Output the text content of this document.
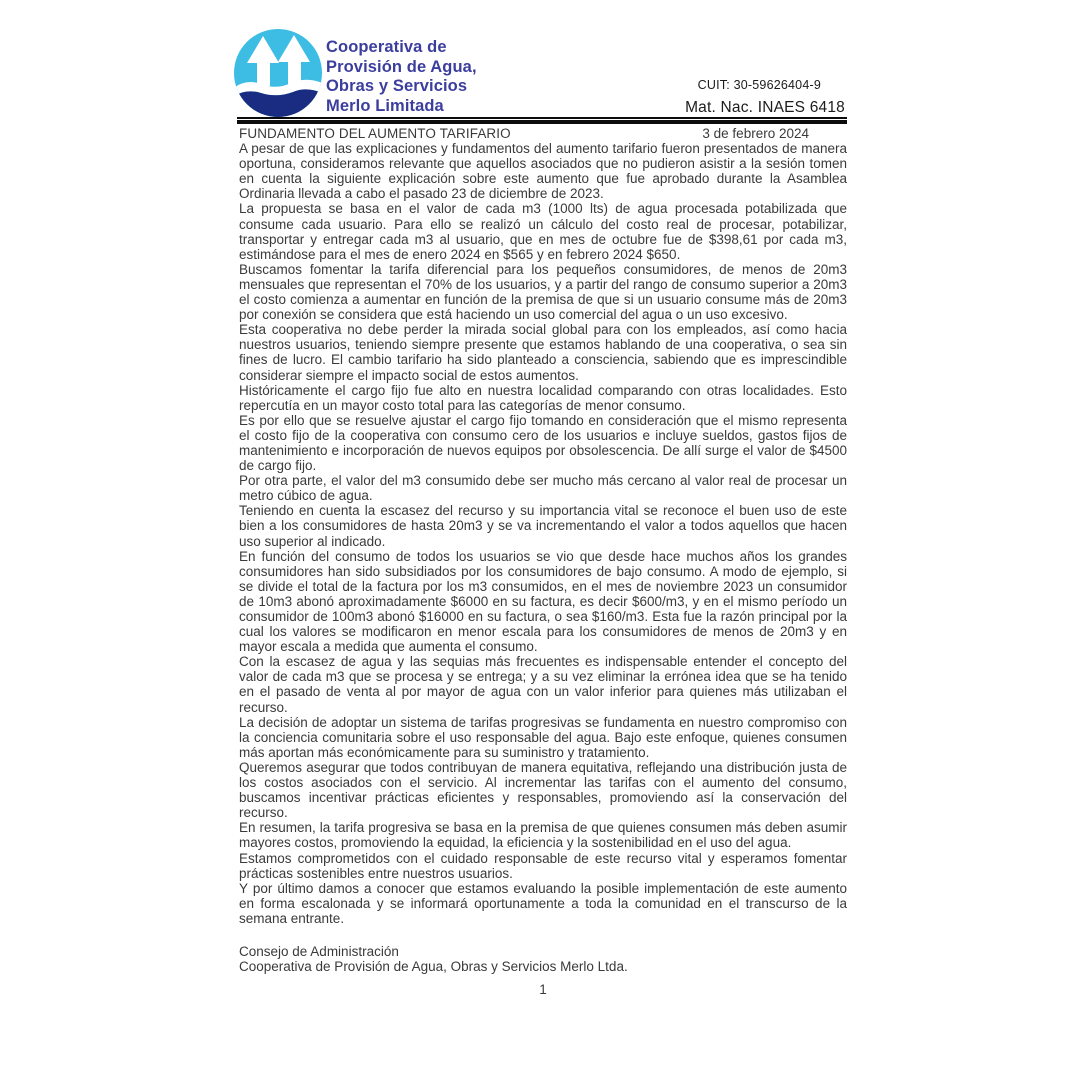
Cooperativa de
Provisión de Agua,
Obras y Servicios
Merlo Limitada
CUIT: 30-59626404-9
Mat. Nac. INAES 6418
FUNDAMENTO DEL AUMENTO TARIFARIO	3 de febrero 2024

A pesar de que las explicaciones y fundamentos del aumento tarifario fueron presentados de manera oportuna, consideramos relevante que aquellos asociados que no pudieron asistir a la sesión tomen en cuenta la siguiente explicación sobre este aumento que fue aprobado durante la Asamblea Ordinaria llevada a cabo el pasado 23 de diciembre de 2023.

La propuesta se basa en el valor de cada m3 (1000 lts) de agua procesada potabilizada que consume cada usuario. Para ello se realizó un cálculo del costo real de procesar, potabilizar, transportar y entregar cada m3 al usuario, que en mes de octubre fue de $398,61 por cada m3, estimándose para el mes de enero 2024 en $565 y en febrero 2024 $650.

Buscamos fomentar la tarifa diferencial para los pequeños consumidores, de menos de 20m3 mensuales que representan el 70% de los usuarios, y a partir del rango de consumo superior a 20m3 el costo comienza a aumentar en función de la premisa de que si un usuario consume más de 20m3 por conexión se considera que está haciendo un uso comercial del agua o un uso excesivo.

Esta cooperativa no debe perder la mirada social global para con los empleados, así como hacia nuestros usuarios, teniendo siempre presente que estamos hablando de una cooperativa, o sea sin fines de lucro. El cambio tarifario ha sido planteado a consciencia, sabiendo que es imprescindible considerar siempre el impacto social de estos aumentos.

Históricamente el cargo fijo fue alto en nuestra localidad comparando con otras localidades. Esto repercutía en un mayor costo total para las categorías de menor consumo.

Es por ello que se resuelve ajustar el cargo fijo tomando en consideración que el mismo representa el costo fijo de la cooperativa con consumo cero de los usuarios e incluye sueldos, gastos fijos de mantenimiento e incorporación de nuevos equipos por obsolescencia. De allí surge el valor de $4500 de cargo fijo.

Por otra parte, el valor del m3 consumido debe ser mucho más cercano al valor real de procesar un metro cúbico de agua.

Teniendo en cuenta la escasez del recurso y su importancia vital se reconoce el buen uso de este bien a los consumidores de hasta 20m3 y se va incrementando el valor a todos aquellos que hacen uso superior al indicado.

En función del consumo de todos los usuarios se vio que desde hace muchos años los grandes consumidores han sido subsidiados por los consumidores de bajo consumo. A modo de ejemplo, si se divide el total de la factura por los m3 consumidos, en el mes de noviembre 2023 un consumidor de 10m3 abonó aproximadamente $6000 en su factura, es decir $600/m3, y en el mismo período un consumidor de 100m3 abonó $16000 en su factura, o sea $160/m3. Esta fue la razón principal por la cual los valores se modificaron en menor escala para los consumidores de menos de 20m3 y en mayor escala a medida que aumenta el consumo.

Con la escasez de agua y las sequias más frecuentes es indispensable entender el concepto del valor de cada m3 que se procesa y se entrega; y a su vez eliminar la errónea idea que se ha tenido en el pasado de venta al por mayor de agua con un valor inferior para quienes más utilizaban el recurso.

La decisión de adoptar un sistema de tarifas progresivas se fundamenta en nuestro compromiso con la conciencia comunitaria sobre el uso responsable del agua. Bajo este enfoque, quienes consumen más aportan más económicamente para su suministro y tratamiento.

Queremos asegurar que todos contribuyan de manera equitativa, reflejando una distribución justa de los costos asociados con el servicio. Al incrementar las tarifas con el aumento del consumo, buscamos incentivar prácticas eficientes y responsables, promoviendo así la conservación del recurso.

En resumen, la tarifa progresiva se basa en la premisa de que quienes consumen más deben asumir mayores costos, promoviendo la equidad, la eficiencia y la sostenibilidad en el uso del agua.

Estamos comprometidos con el cuidado responsable de este recurso vital y esperamos fomentar prácticas sostenibles entre nuestros usuarios.

Y por último damos a conocer que estamos evaluando la posible implementación de este aumento en forma escalonada y se informará oportunamente a toda la comunidad en el transcurso de la semana entrante.

Consejo de Administración
Cooperativa de Provisión de Agua, Obras y Servicios Merlo Ltda.
1
